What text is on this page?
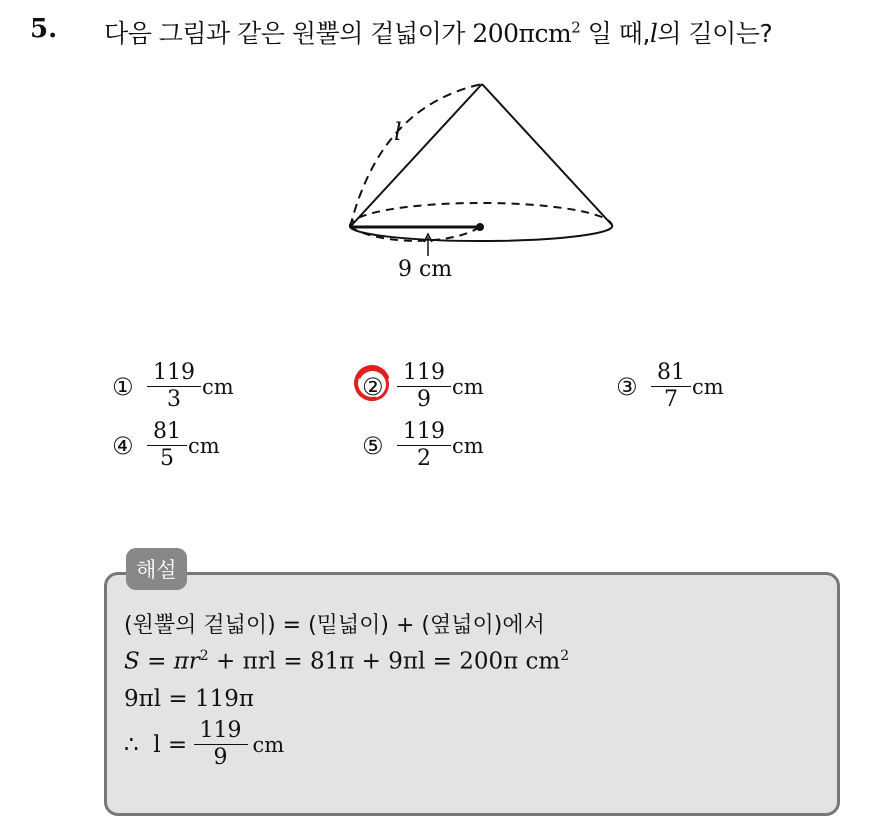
5. 다음 그림과 같은 원뿔의 겉넓이가 200πcm$^2$ 일 때,l의 길이는?
l
9 cm
① $\frac{119}{3}$ cm	② $\frac{119}{9}$ cm	③ $\frac{81}{7}$ cm
④ $\frac{81}{5}$ cm	⑤ $\frac{119}{2}$ cm
해설
(원뿔의 겉넓이) = (밑넓이) + (옆넓이)에서
$S = \pi r^2 + \pi rl = 81\pi + 9\pi l = 200\pi$ $cm^2$
9πl = 119π
∴  $l = \frac{119}{9}$ cm
